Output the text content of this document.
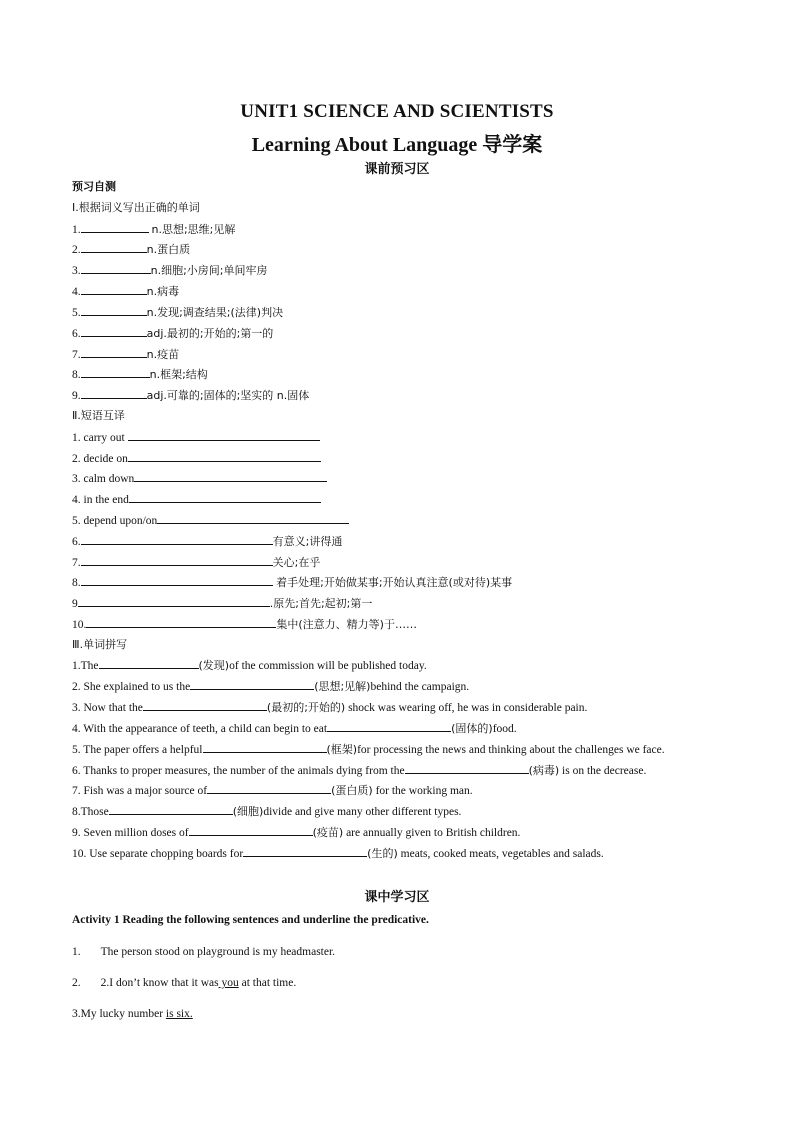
UNIT1 SCIENCE AND SCIENTISTS
Learning About Language 导学案
课前预习区
预习自测
I.根据词义写出正确的单词
1.	n.思想;思维;见解
2.	n.蛋白质
3.	n.细胞;小房间;单间牢房
4.	n.病毒
5.	n.发现;调查结果;(法律)判决
6.	adj.最初的;开始的;第一的
7.	n.疫苗
8.	n.框架;结构
9.	adj.可靠的;固体的;坚实的 n.固体
Ⅱ.短语互译
1. carry out
2. decide on
3. calm down
4. in the end
5. depend upon/on
6.	有意义;讲得通
7.	关心;在乎
8.	着手处理;开始做某事;开始认真注意(或对待)某事
9	.原先;首先;起初;第一
10.	集中(注意力、精力等)于……
Ⅲ.单词拼写
1.The	(发现)of the commission will be published today.
2. She explained to us the	(思想;见解)behind the campaign.
3. Now that the	(最初的;开始的) shock was wearing off, he was in considerable pain.
4. With the appearance of teeth, a child can begin to eat	(固体的)food.
5. The paper offers a helpful	(框架)for processing the news and thinking about the challenges we face.
6. Thanks to proper measures, the number of the animals dying from the	(病毒) is on the decrease.
7. Fish was a major source of	(蛋白质) for the working man.
8.Those	(细胞)divide and give many other different types.
9. Seven million doses of	(疫苗) are annually given to British children.
10. Use separate chopping boards for	(生的) meats, cooked meats, vegetables and salads.
课中学习区
Activity 1 Reading the following sentences and underline the predicative.
1. The person stood on playground is my headmaster.
2. 2.I don’t know that it was you at that time.
3.My lucky number is six.
